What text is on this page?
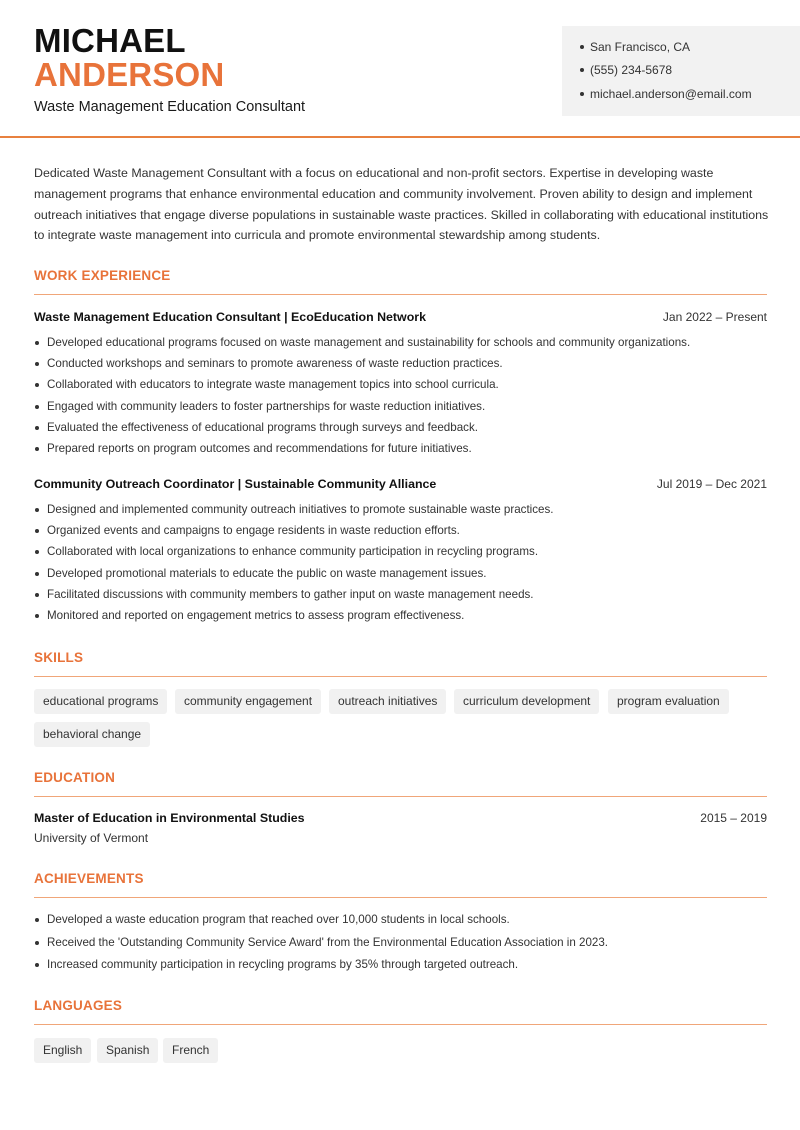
MICHAEL
ANDERSON
Waste Management Education Consultant
San Francisco, CA
(555) 234-5678
michael.anderson@email.com

Dedicated Waste Management Consultant with a focus on educational and non-profit sectors. Expertise in developing waste management programs that enhance environmental education and community involvement. Proven ability to design and implement outreach initiatives that engage diverse populations in sustainable waste practices. Skilled in collaborating with educational institutions to integrate waste management into curricula and promote environmental stewardship among students.

WORK EXPERIENCE
Waste Management Education Consultant | EcoEducation Network	Jan 2022 – Present
Developed educational programs focused on waste management and sustainability for schools and community organizations.
Conducted workshops and seminars to promote awareness of waste reduction practices.
Collaborated with educators to integrate waste management topics into school curricula.
Engaged with community leaders to foster partnerships for waste reduction initiatives.
Evaluated the effectiveness of educational programs through surveys and feedback.
Prepared reports on program outcomes and recommendations for future initiatives.
Community Outreach Coordinator | Sustainable Community Alliance	Jul 2019 – Dec 2021
Designed and implemented community outreach initiatives to promote sustainable waste practices.
Organized events and campaigns to engage residents in waste reduction efforts.
Collaborated with local organizations to enhance community participation in recycling programs.
Developed promotional materials to educate the public on waste management issues.
Facilitated discussions with community members to gather input on waste management needs.
Monitored and reported on engagement metrics to assess program effectiveness.
SKILLS
educational programs	community engagement	outreach initiatives	curriculum development	program evaluation
behavioral change
EDUCATION
Master of Education in Environmental Studies	2015 – 2019
University of Vermont
ACHIEVEMENTS
Developed a waste education program that reached over 10,000 students in local schools.
Received the 'Outstanding Community Service Award' from the Environmental Education Association in 2023.
Increased community participation in recycling programs by 35% through targeted outreach.
LANGUAGES
English	Spanish	French
